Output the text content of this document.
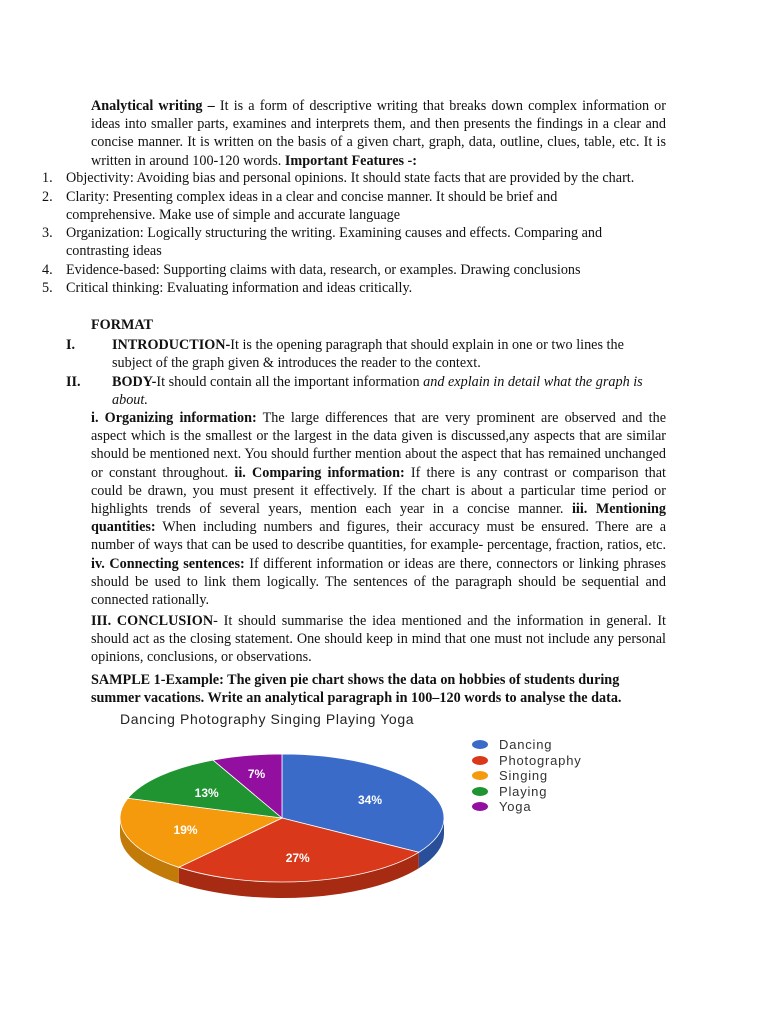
Analytical writing – It is a form of descriptive writing that breaks down complex information or ideas into smaller parts, examines and interprets them, and then presents the findings in a clear and concise manner. It is written on the basis of a given chart, graph, data, outline, clues, table, etc. It is written in around 100-120 words. Important Features -:
1. Objectivity: Avoiding bias and personal opinions. It should state facts that are provided by the chart.
2. Clarity: Presenting complex ideas in a clear and concise manner. It should be brief and comprehensive. Make use of simple and accurate language
3. Organization: Logically structuring the writing. Examining causes and effects. Comparing and contrasting ideas
4. Evidence-based: Supporting claims with data, research, or examples. Drawing conclusions
5. Critical thinking: Evaluating information and ideas critically.
FORMAT
I.	INTRODUCTION-It is the opening paragraph that should explain in one or two lines the subject of the graph given & introduces the reader to the context.
II.	BODY-It should contain all the important information and explain in detail what the graph is about.
i. Organizing information: The large differences that are very prominent are observed and the aspect which is the smallest or the largest in the data given is discussed,any aspects that are similar should be mentioned next. You should further mention about the aspect that has remained unchanged or constant throughout. ii. Comparing information: If there is any contrast or comparison that could be drawn, you must present it effectively. If the chart is about a particular time period or highlights trends of several years, mention each year in a concise manner. iii. Mentioning quantities: When including numbers and figures, their accuracy must be ensured. There are a number of ways that can be used to describe quantities, for example- percentage, fraction, ratios, etc. iv. Connecting sentences: If different information or ideas are there, connectors or linking phrases should be used to link them logically. The sentences of the paragraph should be sequential and connected rationally.
III. CONCLUSION- It should summarise the idea mentioned and the information in general. It should act as the closing statement. One should keep in mind that one must not include any personal opinions, conclusions, or observations.
SAMPLE 1-Example: The given pie chart shows the data on hobbies of students during summer vacations. Write an analytical paragraph in 100–120 words to analyse the data.
Dancing Photography Singing Playing Yoga
34%
27%
19%
13%
7%
Dancing
Photography
Singing
Playing
Yoga
